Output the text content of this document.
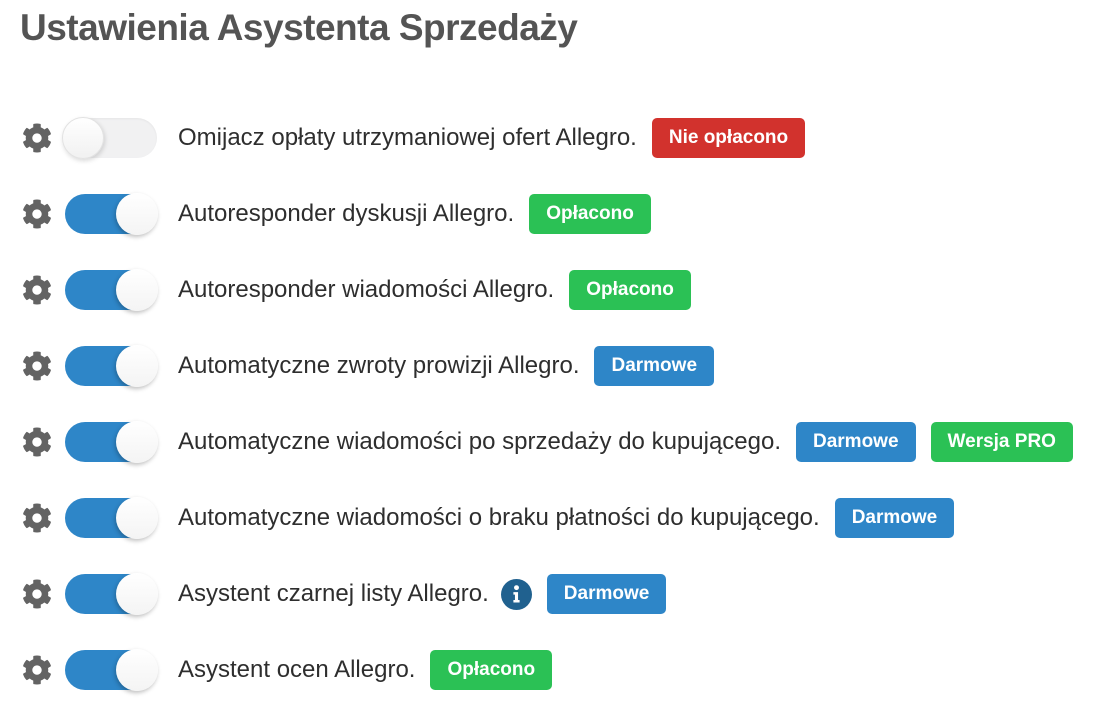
Ustawienia Asystenta Sprzedaży
Omijacz opłaty utrzymaniowej ofert Allegro.	Nie opłacono
Autoresponder dyskusji Allegro.	Opłacono
Autoresponder wiadomości Allegro.	Opłacono
Automatyczne zwroty prowizji Allegro.	Darmowe
Automatyczne wiadomości po sprzedaży do kupującego.	Darmowe	Wersja PRO
Automatyczne wiadomości o braku płatności do kupującego.	Darmowe
Asystent czarnej listy Allegro.	Darmowe
Asystent ocen Allegro.	Opłacono
